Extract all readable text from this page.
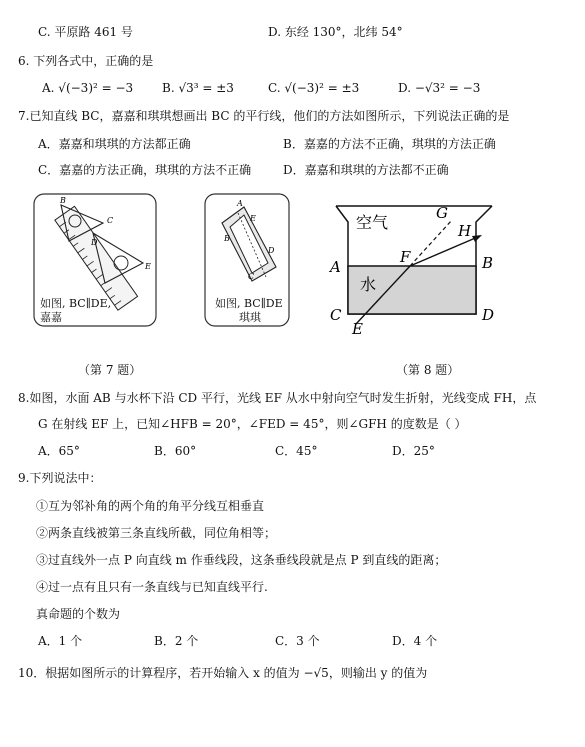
C. 平原路 461 号	D. 东经 130°，北纬 54°
6. 下列各式中，正确的是
A. √(−3)² = −3 B. √3³ = ±3	C. √(−3)² = ±3	D. −√3² = −3
7.已知直线 BC，嘉嘉和琪琪想画出 BC 的平行线，他们的方法如图所示，下列说法正确的是
A．嘉嘉和琪琪的方法都正确	B．嘉嘉的方法不正确，琪琪的方法正确
C．嘉嘉的方法正确，琪琪的方法不正确	D．嘉嘉和琪琪的方法都不正确
B
C
D
E
如图, BC∥DE,
嘉嘉
A
E
B
D
C
如图, BC∥DE
琪琪
空气
水
A	B
C	D
E
F
G
H
（第 7 题）	（第 8 题）
8.如图，水面 AB 与水杯下沿 CD 平行，光线 EF 从水中射向空气时发生折射，光线变成 FH，点
G 在射线 EF 上，已知∠HFB = 20°，∠FED = 45°，则∠GFH 的度数是（ ）
A．65°	B．60°	C．45°	D．25°
9.下列说法中：
①互为邻补角的两个角的角平分线互相垂直
②两条直线被第三条直线所截，同位角相等；
③过直线外一点 P 向直线 m 作垂线段，这条垂线段就是点 P 到直线的距离；
④过一点有且只有一条直线与已知直线平行.
真命题的个数为
A．1 个	B．2 个	C．3 个	D．4 个
10．根据如图所示的计算程序，若开始输入 x 的值为 −√5，则输出 y 的值为
